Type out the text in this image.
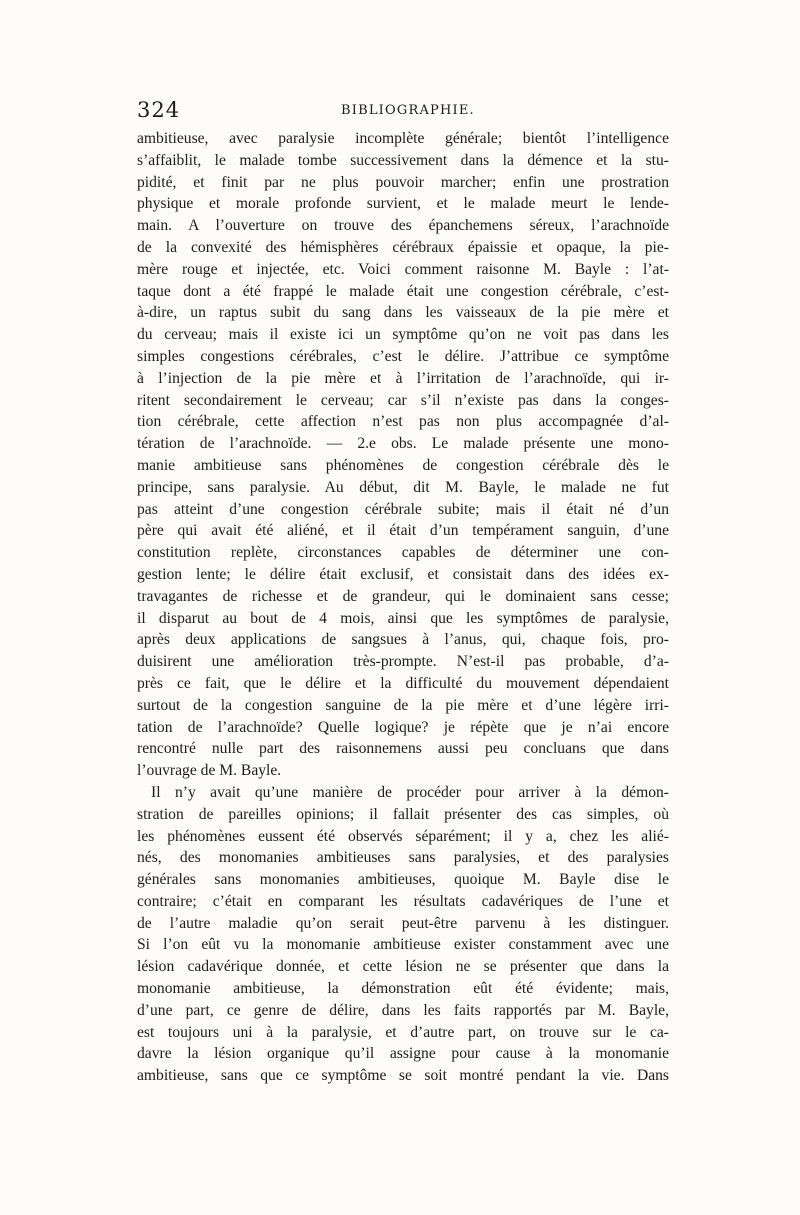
324	BIBLIOGRAPHIE.
ambitieuse, avec paralysie incomplète générale; bientôt l’intelligence
s’affaiblit, le malade tombe successivement dans la démence et la stu-
pidité, et finit par ne plus pouvoir marcher; enfin une prostration
physique et morale profonde survient, et le malade meurt le lende-
main. A l’ouverture on trouve des épanchemens séreux, l’arachnoïde
de la convexité des hémisphères cérébraux épaissie et opaque, la pie-
mère rouge et injectée, etc. Voici comment raisonne M. Bayle : l’at-
taque dont a été frappé le malade était une congestion cérébrale, c’est-
à-dire, un raptus subit du sang dans les vaisseaux de la pie mère et
du cerveau; mais il existe ici un symptôme qu’on ne voit pas dans les
simples congestions cérébrales, c’est le délire. J’attribue ce symptôme
à l’injection de la pie mère et à l’irritation de l’arachnoïde, qui ir-
ritent secondairement le cerveau; car s’il n’existe pas dans la conges-
tion cérébrale, cette affection n’est pas non plus accompagnée d’al-
tération de l’arachnoïde. — 2.e obs. Le malade présente une mono-
manie ambitieuse sans phénomènes de congestion cérébrale dès le
principe, sans paralysie. Au début, dit M. Bayle, le malade ne fut
pas atteint d’une congestion cérébrale subite; mais il était né d’un
père qui avait été aliéné, et il était d’un tempérament sanguin, d’une
constitution replète, circonstances capables de déterminer une con-
gestion lente; le délire était exclusif, et consistait dans des idées ex-
travagantes de richesse et de grandeur, qui le dominaient sans cesse;
il disparut au bout de 4 mois, ainsi que les symptômes de paralysie,
après deux applications de sangsues à l’anus, qui, chaque fois, pro-
duisirent une amélioration très-prompte. N’est-il pas probable, d’a-
près ce fait, que le délire et la difficulté du mouvement dépendaient
surtout de la congestion sanguine de la pie mère et d’une légère irri-
tation de l’arachnoïde? Quelle logique? je répète que je n’ai encore
rencontré nulle part des raisonnemens aussi peu concluans que dans
l’ouvrage de M. Bayle.
Il n’y avait qu’une manière de procéder pour arriver à la démon-
stration de pareilles opinions; il fallait présenter des cas simples, où
les phénomènes eussent été observés séparément; il y a, chez les alié-
nés, des monomanies ambitieuses sans paralysies, et des paralysies
générales sans monomanies ambitieuses, quoique M. Bayle dise le
contraire; c’était en comparant les résultats cadavériques de l’une et
de l’autre maladie qu’on serait peut-être parvenu à les distinguer.
Si l’on eût vu la monomanie ambitieuse exister constamment avec une
lésion cadavérique donnée, et cette lésion ne se présenter que dans la
monomanie ambitieuse, la démonstration eût été évidente; mais,
d’une part, ce genre de délire, dans les faits rapportés par M. Bayle,
est toujours uni à la paralysie, et d’autre part, on trouve sur le ca-
davre la lésion organique qu’il assigne pour cause à la monomanie
ambitieuse, sans que ce symptôme se soit montré pendant la vie. Dans
